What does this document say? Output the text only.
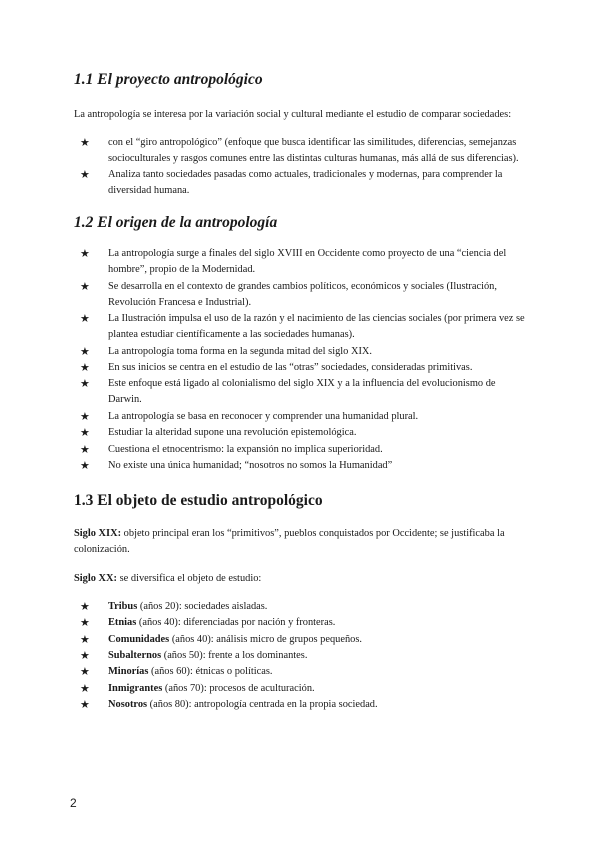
1.1 El proyecto antropológico

La antropología se interesa por la variación social y cultural mediante el estudio de comparar sociedades:

★ con el “giro antropológico” (enfoque que busca identificar las similitudes, diferencias, semejanzas socioculturales y rasgos comunes entre las distintas culturas humanas, más allá de sus diferencias).
★ Analiza tanto sociedades pasadas como actuales, tradicionales y modernas, para comprender la diversidad humana.
1.2 El origen de la antropología
★ La antropología surge a finales del siglo XVIII en Occidente como proyecto de una “ciencia del hombre”, propio de la Modernidad.
★ Se desarrolla en el contexto de grandes cambios políticos, económicos y sociales (Ilustración, Revolución Francesa e Industrial).
★ La Ilustración impulsa el uso de la razón y el nacimiento de las ciencias sociales (por primera vez se plantea estudiar científicamente a las sociedades humanas).
★ La antropología toma forma en la segunda mitad del siglo XIX.
★ En sus inicios se centra en el estudio de las “otras” sociedades, consideradas primitivas.
★ Este enfoque está ligado al colonialismo del siglo XIX y a la influencia del evolucionismo de Darwin.
★ La antropología se basa en reconocer y comprender una humanidad plural.
★ Estudiar la alteridad supone una revolución epistemológica.
★ Cuestiona el etnocentrismo: la expansión no implica superioridad.
★ No existe una única humanidad; “nosotros no somos la Humanidad”
1.3 El objeto de estudio antropológico

Siglo XIX: objeto principal eran los “primitivos”, pueblos conquistados por Occidente; se justificaba la colonización.

Siglo XX: se diversifica el objeto de estudio:

★ Tribus (años 20): sociedades aisladas.
★ Etnias (años 40): diferenciadas por nación y fronteras.
★ Comunidades (años 40): análisis micro de grupos pequeños.
★ Subalternos (años 50): frente a los dominantes.
★ Minorías (años 60): étnicas o políticas.
★ Inmigrantes (años 70): procesos de aculturación.
★ Nosotros (años 80): antropología centrada en la propia sociedad.
2
